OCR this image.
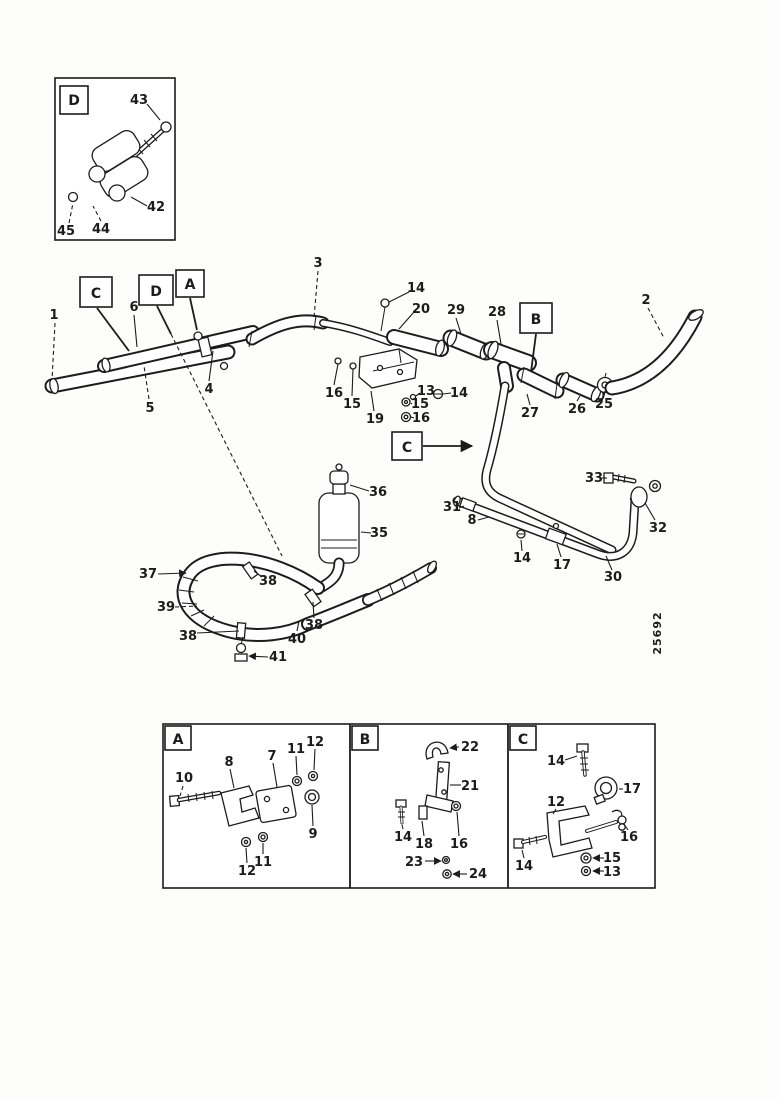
D	43
42
44
45
C	D A
B
C
1
6
5
4
3
14
20 29 28
2
27 26 25
16
15
19
13 14
15
16
33
32
31
8
14 17
30
36
35
37	38
39
38	40
38
41
25692
A
10
8	7 11 12
9
11
12
B	22
21
14 18 16
23
24
C
14
17
12
16
14
15
13
